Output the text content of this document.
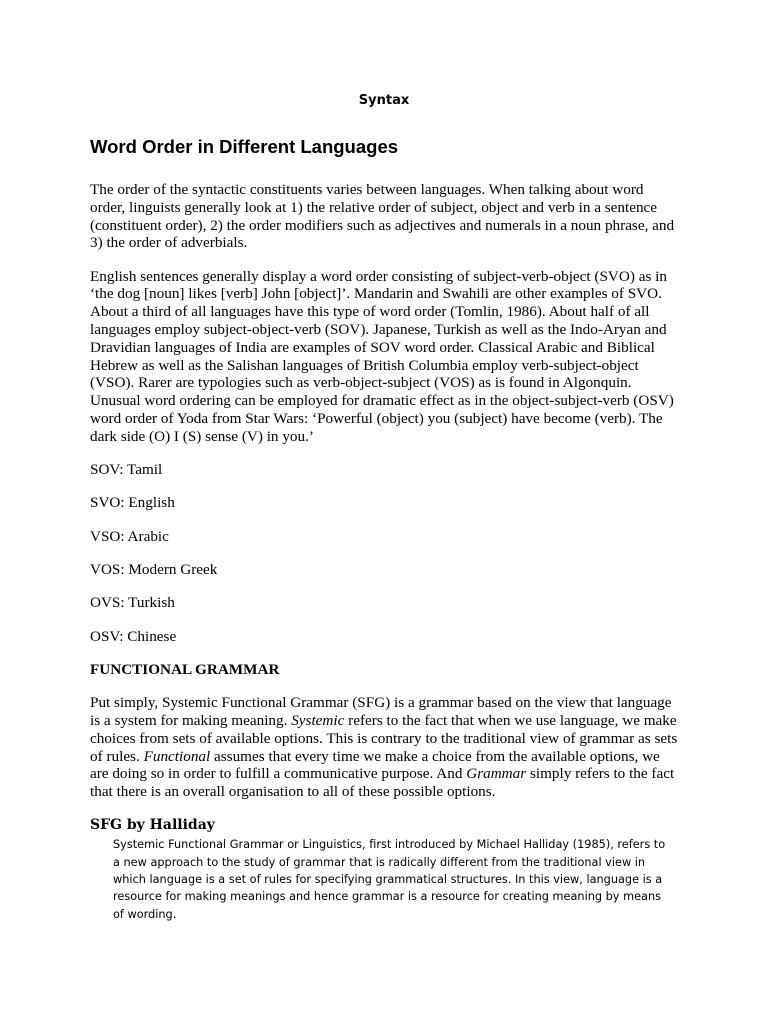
Syntax
Word Order in Different Languages

The order of the syntactic constituents varies between languages. When talking about word order, linguists generally look at 1) the relative order of subject, object and verb in a sentence (constituent order), 2) the order modifiers such as adjectives and numerals in a noun phrase, and 3) the order of adverbials.

English sentences generally display a word order consisting of subject-verb-object (SVO) as in ‘the dog [noun] likes [verb] John [object]’. Mandarin and Swahili are other examples of SVO. About a third of all languages have this type of word order (Tomlin, 1986). About half of all languages employ subject-object-verb (SOV). Japanese, Turkish as well as the Indo-Aryan and Dravidian languages of India are examples of SOV word order. Classical Arabic and Biblical Hebrew as well as the Salishan languages of British Columbia employ verb-subject-object (VSO). Rarer are typologies such as verb-object-subject (VOS) as is found in Algonquin. Unusual word ordering can be employed for dramatic effect as in the object-subject-verb (OSV) word order of Yoda from Star Wars: ‘Powerful (object) you (subject) have become (verb). The dark side (O) I (S) sense (V) in you.’

SOV: Tamil
SVO: English
VSO: Arabic
VOS: Modern Greek
OVS: Turkish
OSV: Chinese
FUNCTIONAL GRAMMAR

Put simply, Systemic Functional Grammar (SFG) is a grammar based on the view that language is a system for making meaning. Systemic refers to the fact that when we use language, we make choices from sets of available options. This is contrary to the traditional view of grammar as sets of rules. Functional assumes that every time we make a choice from the available options, we are doing so in order to fulfill a communicative purpose. And Grammar simply refers to the fact that there is an overall organisation to all of these possible options.

SFG by Halliday
Systemic Functional Grammar or Linguistics, first introduced by Michael Halliday (1985), refers to a new approach to the study of grammar that is radically different from the traditional view in which language is a set of rules for specifying grammatical structures. In this view, language is a resource for making meanings and hence grammar is a resource for creating meaning by means of wording.
